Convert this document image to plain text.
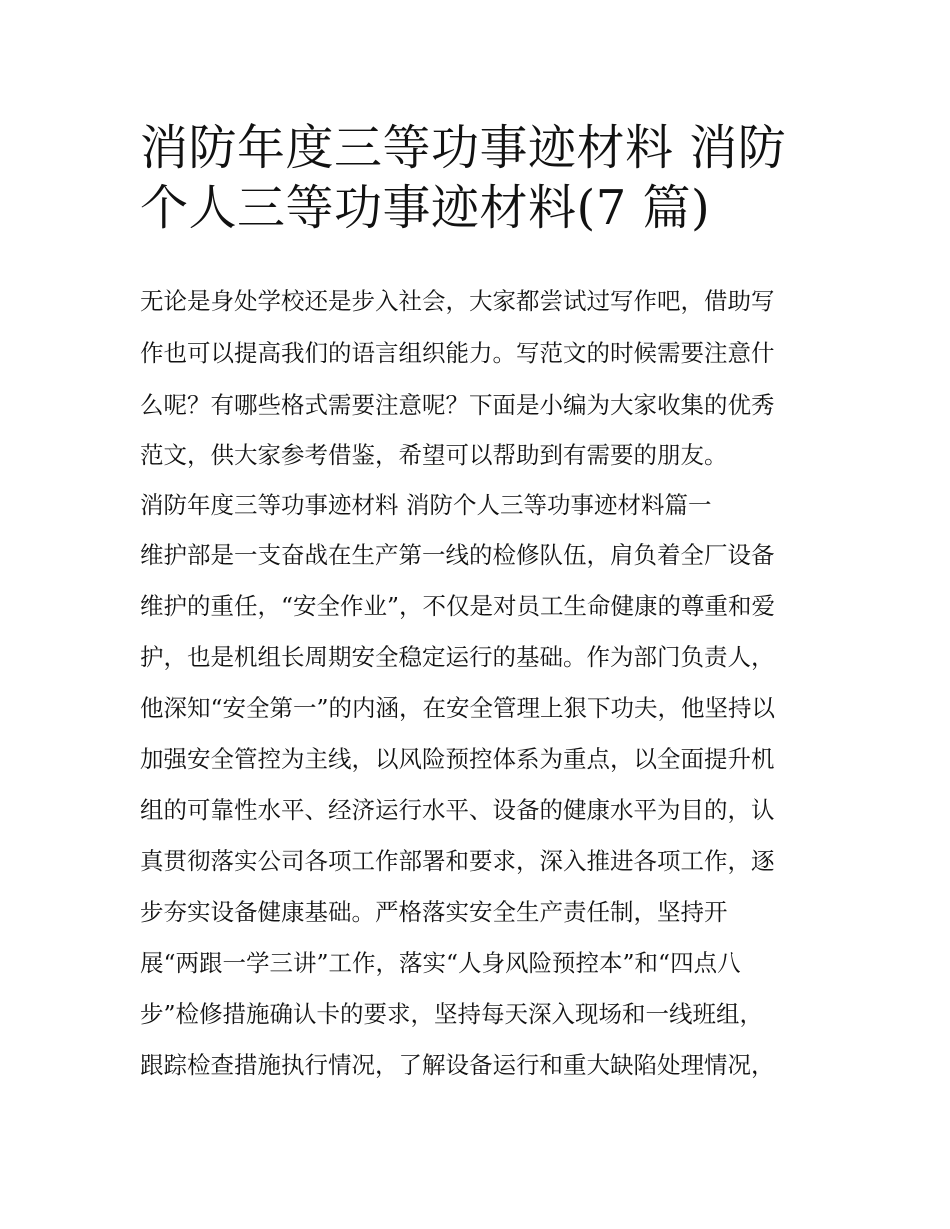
消防年度三等功事迹材料 消防
个人三等功事迹材料(7 篇)

无论是身处学校还是步入社会，大家都尝试过写作吧，借助写

作也可以提高我们的语言组织能力。写范文的时候需要注意什

么呢？有哪些格式需要注意呢？下面是小编为大家收集的优秀

范文，供大家参考借鉴，希望可以帮助到有需要的朋友。

消防年度三等功事迹材料 消防个人三等功事迹材料篇一

维护部是一支奋战在生产第一线的检修队伍，肩负着全厂设备

维护的重任，“安全作业”，不仅是对员工生命健康的尊重和爱

护，也是机组长周期安全稳定运行的基础。作为部门负责人，

他深知“安全第一”的内涵，在安全管理上狠下功夫，他坚持以

加强安全管控为主线，以风险预控体系为重点，以全面提升机

组的可靠性水平、经济运行水平、设备的健康水平为目的，认

真贯彻落实公司各项工作部署和要求，深入推进各项工作，逐

步夯实设备健康基础。严格落实安全生产责任制，坚持开

展“两跟一学三讲”工作，落实“人身风险预控本”和“四点八

步”检修措施确认卡的要求，坚持每天深入现场和一线班组，

跟踪检查措施执行情况，了解设备运行和重大缺陷处理情况，
